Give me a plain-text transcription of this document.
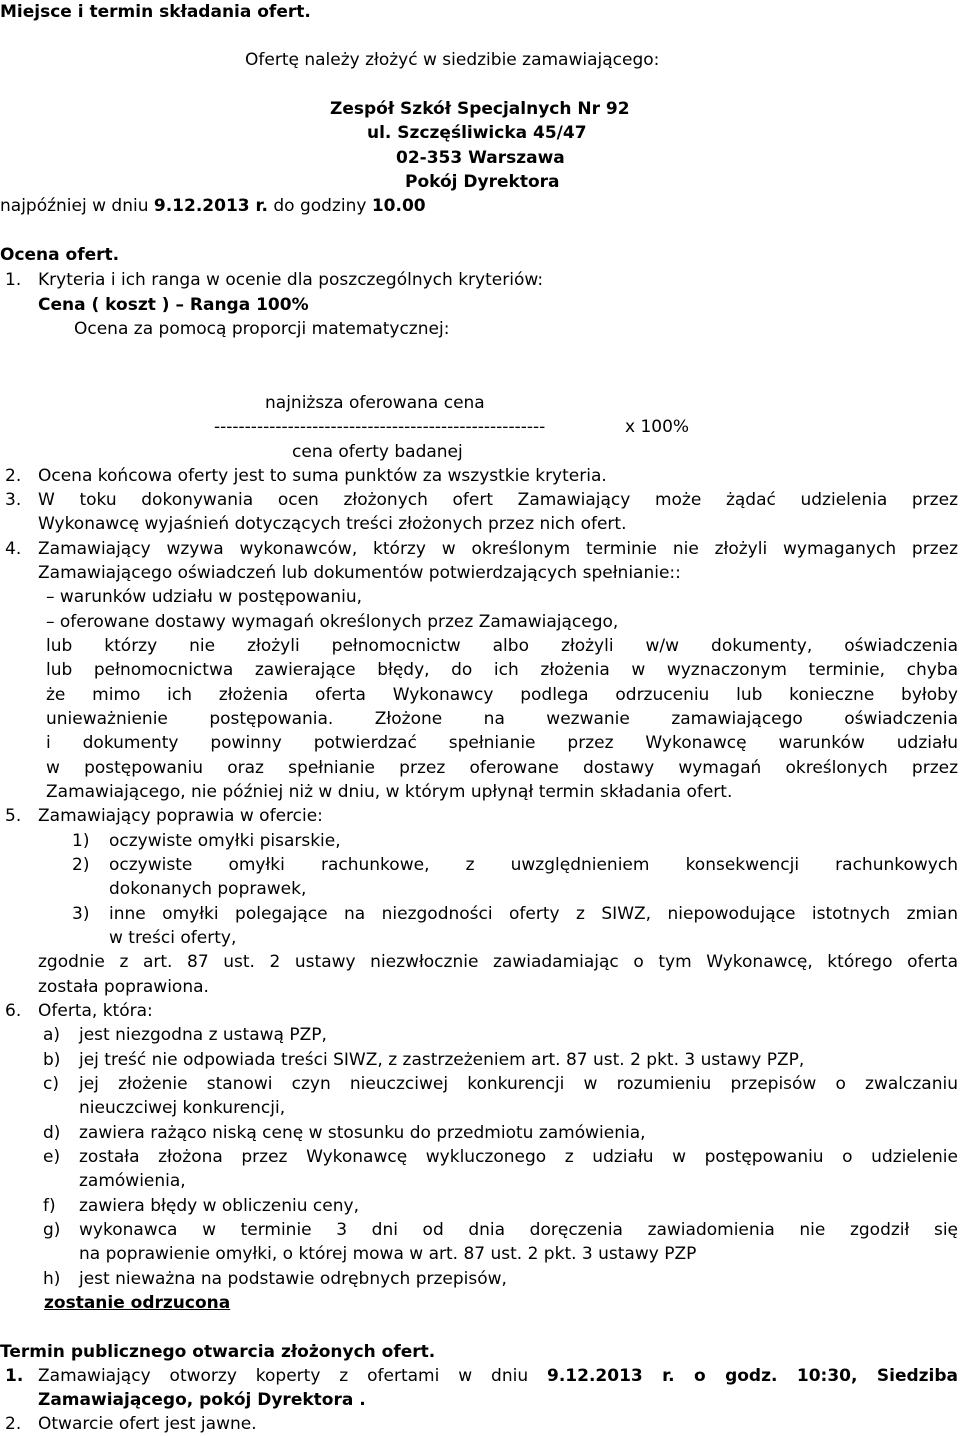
Miejsce i termin składania ofert.
Ofertę należy złożyć w siedzibie zamawiającego:
Zespół Szkół Specjalnych Nr 92
ul. Szczęśliwicka 45/47
02-353 Warszawa
Pokój Dyrektora
najpóźniej w dniu 9.12.2013 r. do godziny 10.00
Ocena ofert.
1. Kryteria i ich ranga w ocenie dla poszczególnych kryteriów:
Cena ( koszt ) – Ranga 100%
Ocena za pomocą proporcji matematycznej:
najniższa oferowana cena
------------------------------------------------------	x 100%
cena oferty badanej
2. Ocena końcowa oferty jest to suma punktów za wszystkie kryteria.
3. W toku dokonywania ocen złożonych ofert Zamawiający może żądać udzielenia przez
Wykonawcę wyjaśnień dotyczących treści złożonych przez nich ofert.
4. Zamawiający wzywa wykonawców, którzy w określonym terminie nie złożyli wymaganych przez
Zamawiającego oświadczeń lub dokumentów potwierdzających spełnianie::
– warunków udziału w postępowaniu,
– oferowane dostawy wymagań określonych przez Zamawiającego,
lub którzy nie złożyli pełnomocnictw albo złożyli w/w dokumenty, oświadczenia
lub pełnomocnictwa zawierające błędy, do ich złożenia w wyznaczonym terminie, chyba
że mimo ich złożenia oferta Wykonawcy podlega odrzuceniu lub konieczne byłoby
unieważnienie postępowania. Złożone na wezwanie zamawiającego oświadczenia
i dokumenty powinny potwierdzać spełnianie przez Wykonawcę warunków udziału
w postępowaniu oraz spełnianie przez oferowane dostawy wymagań określonych przez
Zamawiającego, nie później niż w dniu, w którym upłynął termin składania ofert.
5. Zamawiający poprawia w ofercie:
1) oczywiste omyłki pisarskie,
2) oczywiste omyłki rachunkowe, z uwzględnieniem konsekwencji rachunkowych
dokonanych poprawek,
3) inne omyłki polegające na niezgodności oferty z SIWZ, niepowodujące istotnych zmian
w treści oferty,
zgodnie z art. 87 ust. 2 ustawy niezwłocznie zawiadamiając o tym Wykonawcę, którego oferta
została poprawiona.
6. Oferta, która:
a) jest niezgodna z ustawą PZP,
b) jej treść nie odpowiada treści SIWZ, z zastrzeżeniem art. 87 ust. 2 pkt. 3 ustawy PZP,
c) jej złożenie stanowi czyn nieuczciwej konkurencji w rozumieniu przepisów o zwalczaniu
nieuczciwej konkurencji,
d) zawiera rażąco niską cenę w stosunku do przedmiotu zamówienia,
e) została złożona przez Wykonawcę wykluczonego z udziału w postępowaniu o udzielenie
zamówienia,
f) zawiera błędy w obliczeniu ceny,
g) wykonawca w terminie 3 dni od dnia doręczenia zawiadomienia nie zgodził się
na poprawienie omyłki, o której mowa w art. 87 ust. 2 pkt. 3 ustawy PZP
h) jest nieważna na podstawie odrębnych przepisów,
zostanie odrzucona
Termin publicznego otwarcia złożonych ofert.
1. Zamawiający otworzy koperty z ofertami w dniu 9.12.2013 r. o godz. 10:30, Siedziba
Zamawiającego, pokój Dyrektora .
2. Otwarcie ofert jest jawne.
